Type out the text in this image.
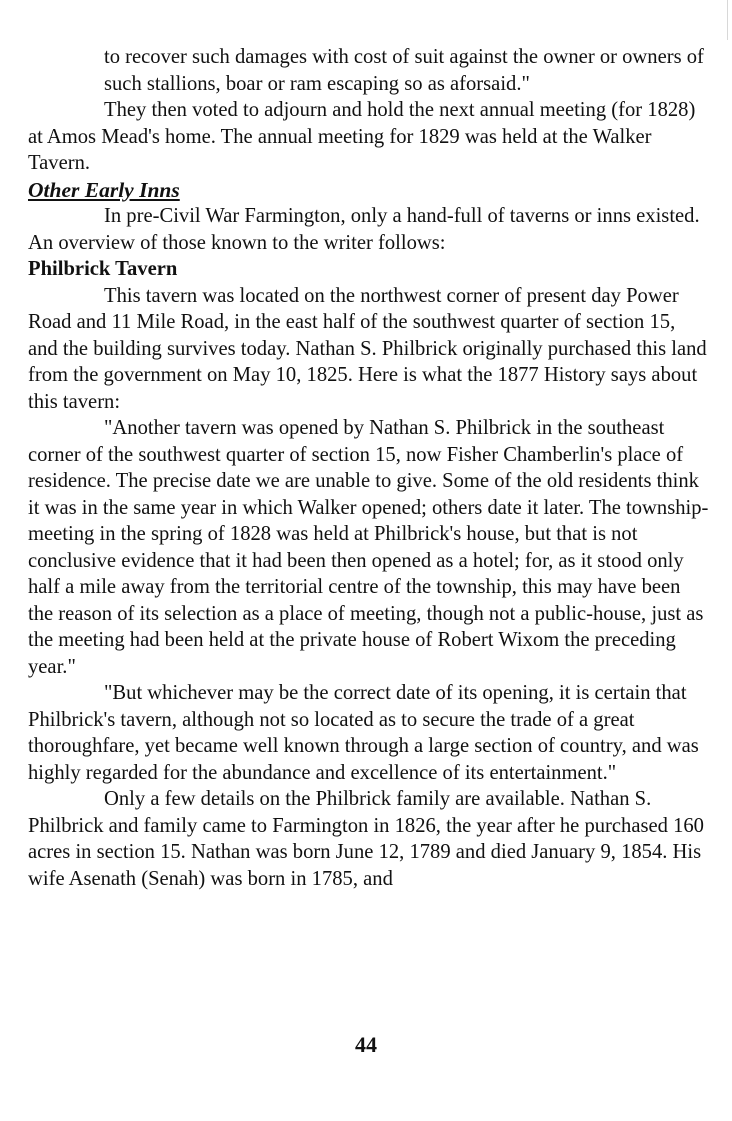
to recover such damages with cost of suit against the owner or owners of such stallions, boar or ram escaping so as aforsaid."

They then voted to adjourn and hold the next annual meeting (for 1828) at Amos Mead's home. The annual meeting for 1829 was held at the Walker Tavern.

Other Early Inns

In pre-Civil War Farmington, only a hand-full of taverns or inns existed. An overview of those known to the writer follows:

Philbrick Tavern

This tavern was located on the northwest corner of present day Power Road and 11 Mile Road, in the east half of the southwest quarter of section 15, and the building survives today. Nathan S. Philbrick originally purchased this land from the government on May 10, 1825. Here is what the 1877 History says about this tavern:

"Another tavern was opened by Nathan S. Philbrick in the southeast corner of the southwest quarter of section 15, now Fisher Chamberlin's place of residence. The precise date we are unable to give. Some of the old residents think it was in the same year in which Walker opened; others date it later. The township-meeting in the spring of 1828 was held at Philbrick's house, but that is not conclusive evidence that it had been then opened as a hotel; for, as it stood only half a mile away from the territorial centre of the township, this may have been the reason of its selection as a place of meeting, though not a public-house, just as the meeting had been held at the private house of Robert Wixom the preceding year."

"But whichever may be the correct date of its opening, it is certain that Philbrick's tavern, although not so located as to secure the trade of a great thoroughfare, yet became well known through a large section of country, and was highly regarded for the abundance and excellence of its entertainment."

Only a few details on the Philbrick family are available. Nathan S. Philbrick and family came to Farmington in 1826, the year after he purchased 160 acres in section 15. Nathan was born June 12, 1789 and died January 9, 1854. His wife Asenath (Senah) was born in 1785, and

44
